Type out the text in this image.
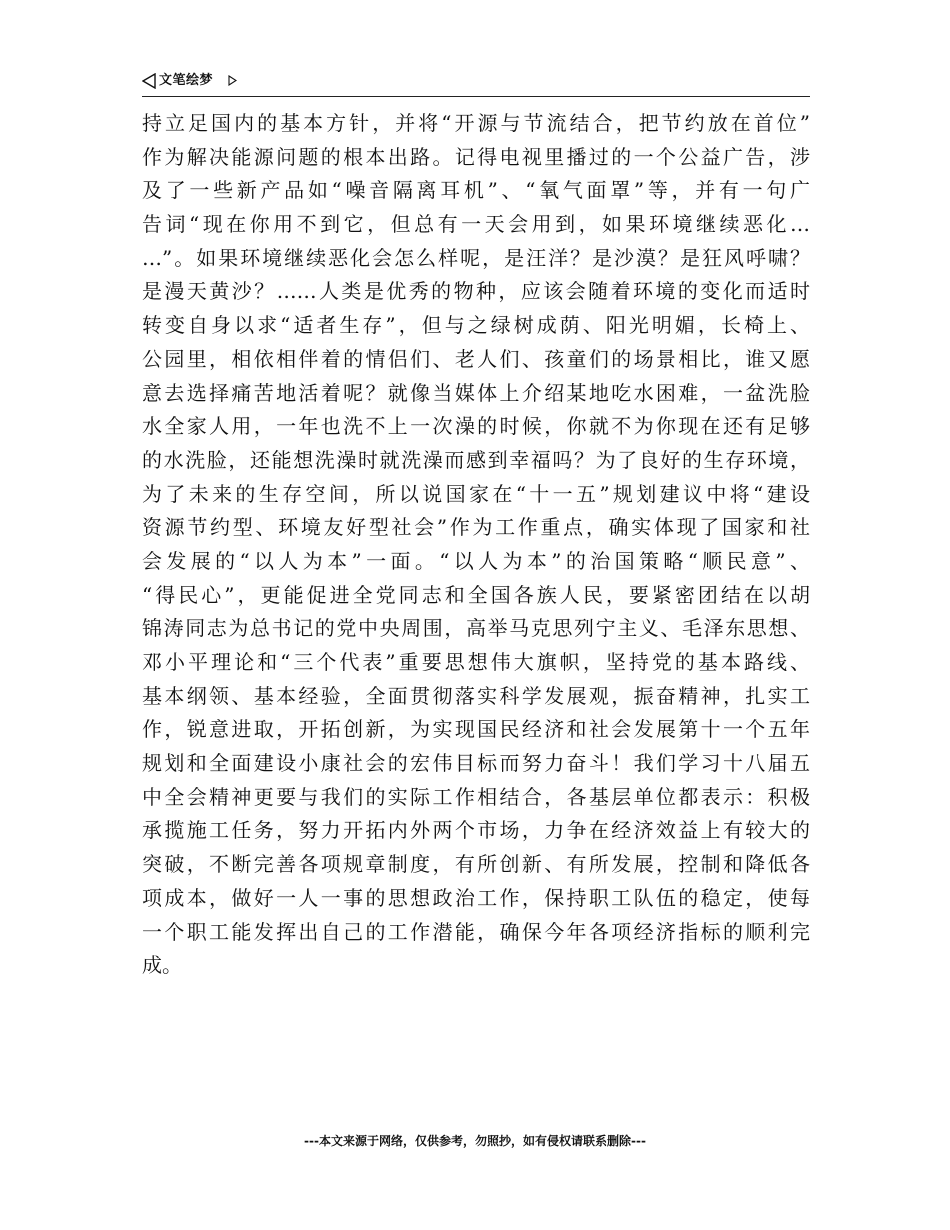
文笔绘梦
持立足国内的基本方针，并将“开源与节流结合，把节约放在首位”
作为解决能源问题的根本出路。记得电视里播过的一个公益广告，涉
及了一些新产品如“噪音隔离耳机”、“氧气面罩”等，并有一句广
告词“现在你用不到它，但总有一天会用到，如果环境继续恶化…
…”。如果环境继续恶化会怎么样呢，是汪洋？是沙漠？是狂风呼啸？
是漫天黄沙？……人类是优秀的物种，应该会随着环境的变化而适时
转变自身以求“适者生存”，但与之绿树成荫、阳光明媚，长椅上、
公园里，相依相伴着的情侣们、老人们、孩童们的场景相比，谁又愿
意去选择痛苦地活着呢？就像当媒体上介绍某地吃水困难，一盆洗脸
水全家人用，一年也洗不上一次澡的时候，你就不为你现在还有足够
的水洗脸，还能想洗澡时就洗澡而感到幸福吗？为了良好的生存环境，
为了未来的生存空间，所以说国家在“十一五”规划建议中将“建设
资源节约型、环境友好型社会”作为工作重点，确实体现了国家和社
会发展的“以人为本”一面。“以人为本”的治国策略“顺民意”、
“得民心”，更能促进全党同志和全国各族人民，要紧密团结在以胡
锦涛同志为总书记的党中央周围，高举马克思列宁主义、毛泽东思想、
邓小平理论和“三个代表”重要思想伟大旗帜，坚持党的基本路线、
基本纲领、基本经验，全面贯彻落实科学发展观，振奋精神，扎实工
作，锐意进取，开拓创新，为实现国民经济和社会发展第十一个五年
规划和全面建设小康社会的宏伟目标而努力奋斗！我们学习十八届五
中全会精神更要与我们的实际工作相结合，各基层单位都表示：积极
承揽施工任务，努力开拓内外两个市场，力争在经济效益上有较大的
突破，不断完善各项规章制度，有所创新、有所发展，控制和降低各
项成本，做好一人一事的思想政治工作，保持职工队伍的稳定，使每
一个职工能发挥出自己的工作潜能，确保今年各项经济指标的顺利完
成。
---本文来源于网络，仅供参考，勿照抄，如有侵权请联系删除---
